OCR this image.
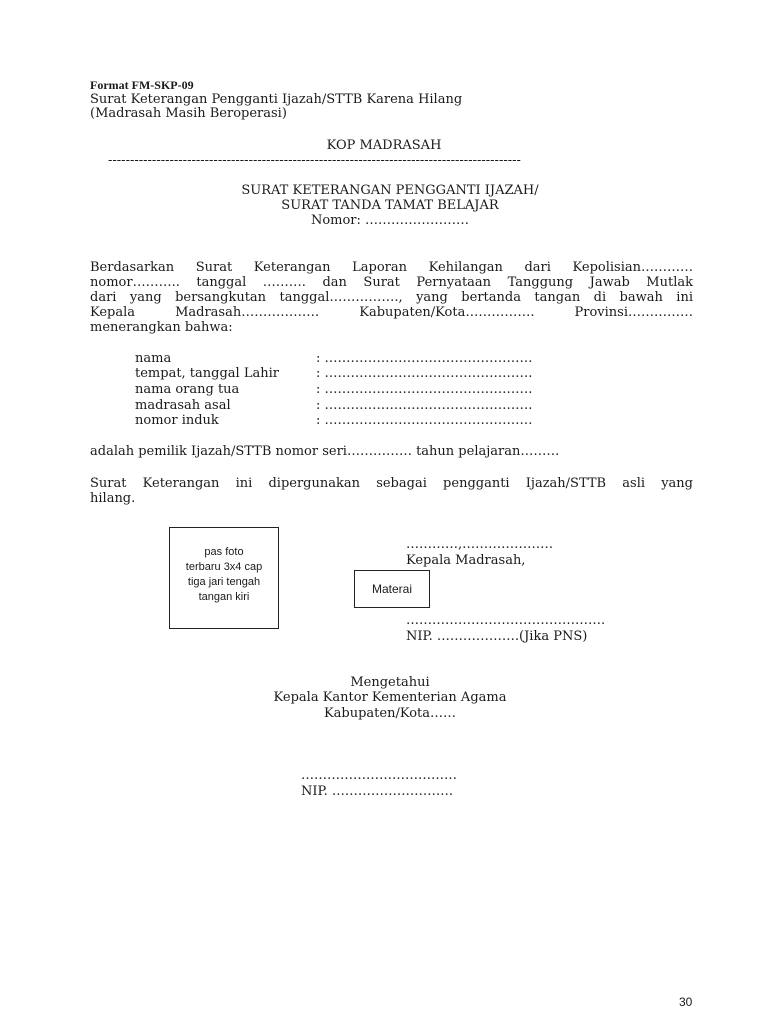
Format FM-SKP-09
Surat Keterangan Pengganti Ijazah/STTB Karena Hilang
(Madrasah Masih Beroperasi)
KOP MADRASAH
----------------------------------------------------------------------------------------------
SURAT KETERANGAN PENGGANTI IJAZAH/
SURAT TANDA TAMAT BELAJAR
Nomor: ……………………
Berdasarkan Surat Keterangan Laporan Kehilangan dari Kepolisian…………
nomor……….. tanggal ………. dan Surat Pernyataan Tanggung Jawab Mutlak
dari yang bersangkutan tanggal……………., yang bertanda tangan di bawah ini
Kepala Madrasah……………… Kabupaten/Kota……………. Provinsi……………
menerangkan bahwa:
nama	: …………………………………………
tempat, tanggal Lahir	: …………………………………………
nama orang tua	: …………………………………………
madrasah asal	: …………………………………………
nomor induk	: …………………………………………
adalah pemilik Ijazah/STTB nomor seri…………… tahun pelajaran………
Surat Keterangan ini dipergunakan sebagai pengganti Ijazah/STTB asli yang
hilang.
pas foto
terbaru 3x4 cap
tiga jari tengah
tangan kiri
Materai
…………,…………………
Kepala Madrasah,
……………………………………….
NIP. ……………….(Jika PNS)
Mengetahui
Kepala Kantor Kementerian Agama
Kabupaten/Kota……
………………………………
NIP. ……………………….
30
